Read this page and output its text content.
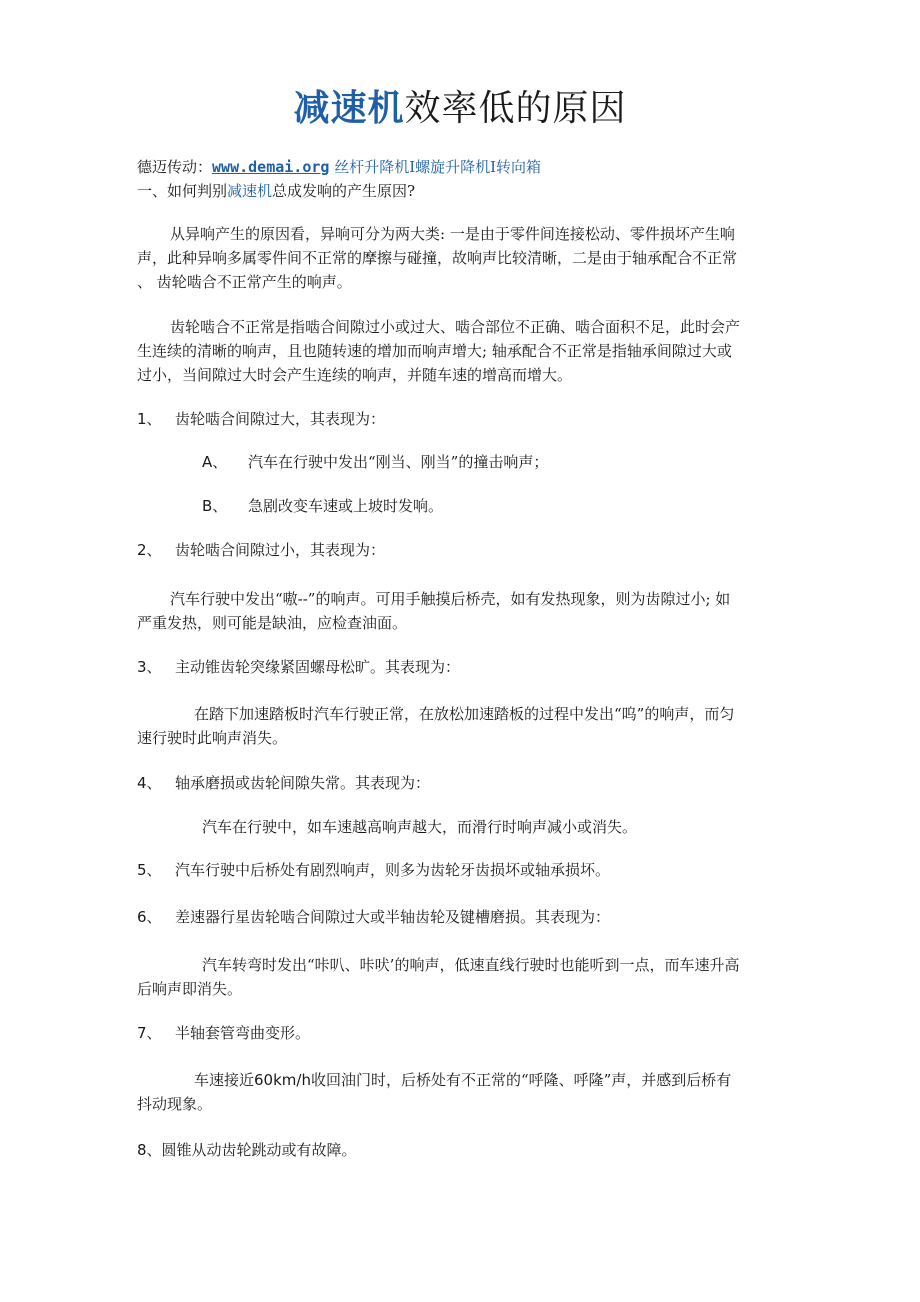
减速机效率低的原因
德迈传动：www.demai.org 丝杆升降机I螺旋升降机I转向箱
一、如何判别减速机总成发响的产生原因?
从异响产生的原因看，异响可分为两大类: 一是由于零件间连接松动、零件损坏产生响
声，此种异响多属零件间不正常的摩擦与碰撞，故响声比较清晰，二是由于轴承配合不正常
、 齿轮啮合不正常产生的响声。
齿轮啮合不正常是指啮合间隙过小或过大、啮合部位不正确、啮合面积不足，此时会产
生连续的清晰的响声，且也随转速的增加而响声增大; 轴承配合不正常是指轴承间隙过大或
过小，当间隙过大时会产生连续的响声，并随车速的增高而增大。
1、 齿轮啮合间隙过大，其表现为：
A、 汽车在行驶中发出“刚当、刚当”的撞击响声；
B、 急剧改变车速或上坡时发响。
2、 齿轮啮合间隙过小，其表现为：
汽车行驶中发出“嗷--”的响声。可用手触摸后桥壳，如有发热现象，则为齿隙过小; 如
严重发热，则可能是缺油，应检查油面。
3、 主动锥齿轮突缘紧固螺母松旷。其表现为：
在踏下加速踏板时汽车行驶正常，在放松加速踏板的过程中发出“呜”的响声，而匀
速行驶时此响声消失。
4、 轴承磨损或齿轮间隙失常。其表现为：
汽车在行驶中，如车速越高响声越大，而滑行时响声减小或消失。
5、 汽车行驶中后桥处有剧烈响声，则多为齿轮牙齿损坏或轴承损坏。
6、 差速器行星齿轮啮合间隙过大或半轴齿轮及键槽磨损。其表现为：
汽车转弯时发出“咔叭、咔吠’的响声，低速直线行驶时也能听到一点，而车速升高
后响声即消失。
7、 半轴套管弯曲变形。
车速接近60km/h收回油门时，后桥处有不正常的“呼隆、呼隆”声，并感到后桥有
抖动现象。
8、圆锥从动齿轮跳动或有故障。
